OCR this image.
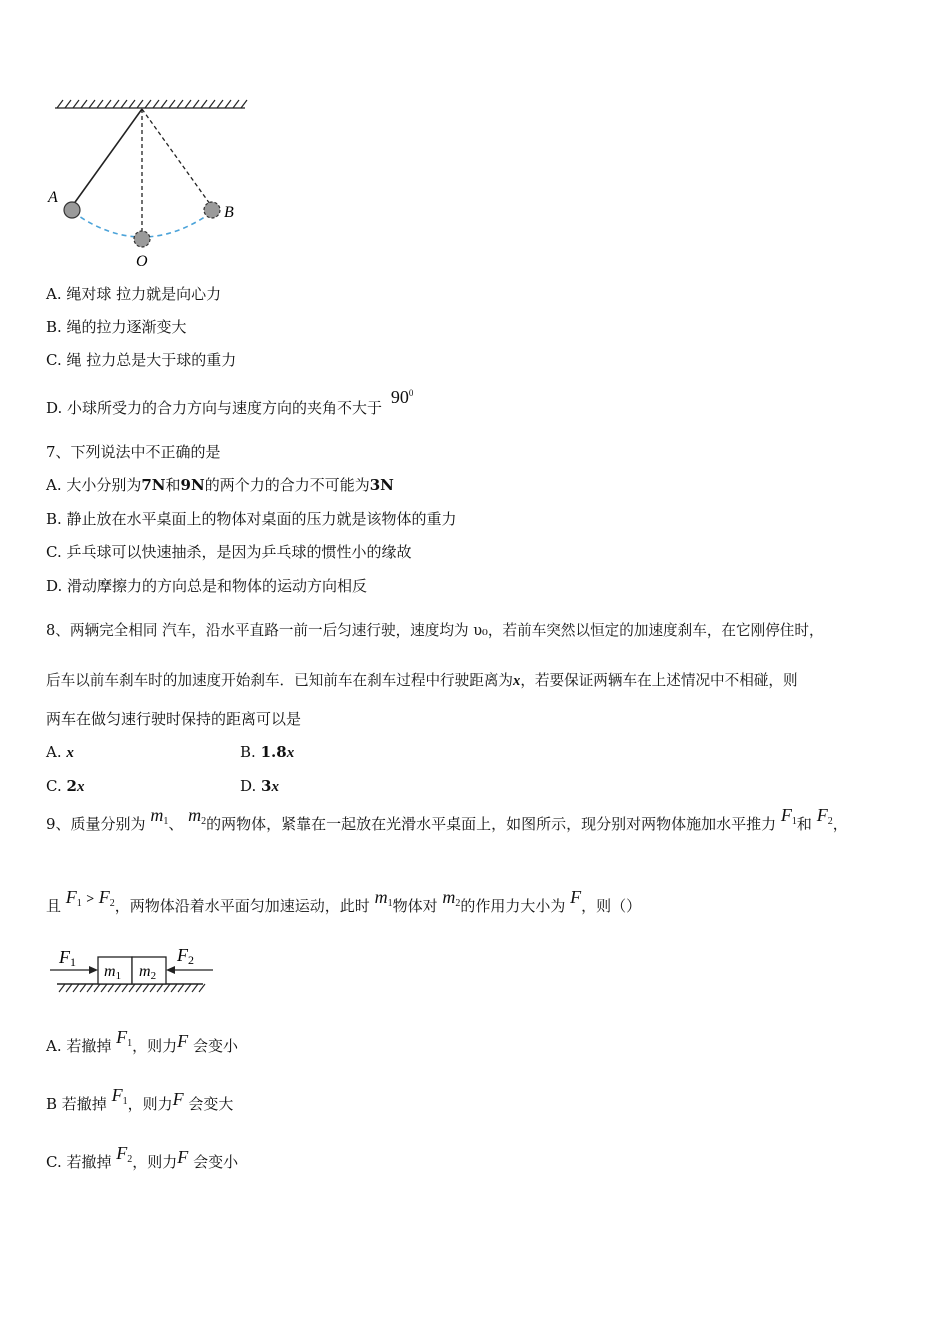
A
B
O
A. 绳对球 拉力就是向心力
B. 绳的拉力逐渐变大
C. 绳 拉力总是大于球的重力
D. 小球所受力的合力方向与速度方向的夹角不大于 $90^0$
7、下列说法中不正确的是
A. 大小分别为7N和9N的两个力的合力不可能为3N
B. 静止放在水平桌面上的物体对桌面的压力就是该物体的重力
C. 乒乓球可以快速抽杀，是因为乒乓球的惯性小的缘故
D. 滑动摩擦力的方向总是和物体的运动方向相反
8、两辆完全相同 汽车，沿水平直路一前一后匀速行驶，速度均为 υ₀，若前车突然以恒定的加速度刹车，在它刚停住时，
后车以前车刹车时的加速度开始刹车．已知前车在刹车过程中行驶距离为x，若要保证两辆车在上述情况中不相碰，则
两车在做匀速行驶时保持的距离可以是
A. x	B. 1.8x
C. 2x	D. 3x
9、质量分别为 $m_1$、 $m_2$的两物体，紧靠在一起放在光滑水平桌面上，如图所示，现分别对两物体施加水平推力 $F_1$和 $F_2$，
且 $F_1 > F_2$，两物体沿着水平面匀加速运动，此时 $m_1$物体对 $m_2$的作用力大小为 F，则（）
m1 m2
F1	F2
A. 若撤掉 $F_1$，则力F 会变小
B 若撤掉 $F_1$，则力F 会变大
C. 若撤掉 $F_2$，则力F 会变小
